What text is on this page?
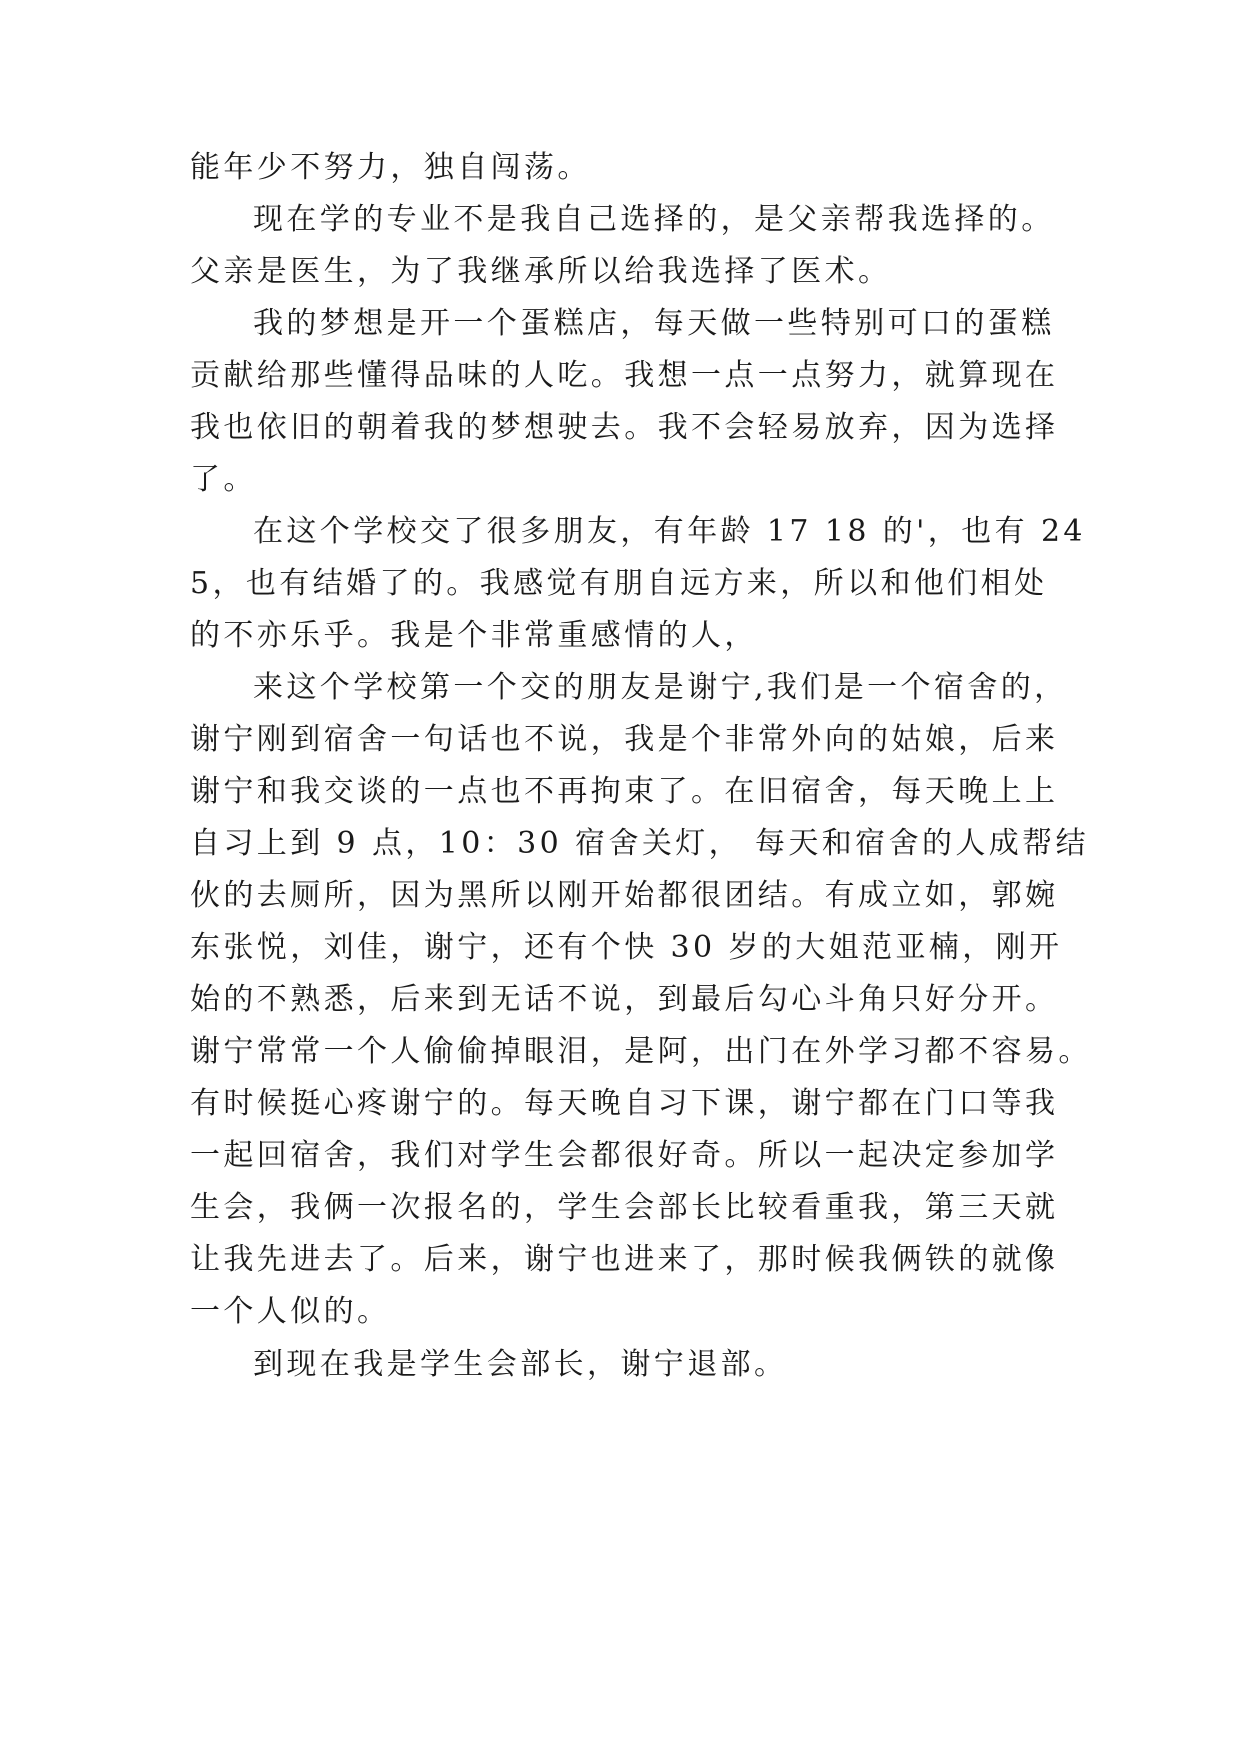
能年少不努力，独自闯荡。
现在学的专业不是我自己选择的，是父亲帮我选择的。
父亲是医生，为了我继承所以给我选择了医术。
我的梦想是开一个蛋糕店，每天做一些特别可口的蛋糕
贡献给那些懂得品味的人吃。我想一点一点努力，就算现在
我也依旧的朝着我的梦想驶去。我不会轻易放弃，因为选择
了。
在这个学校交了很多朋友，有年龄 17 18 的'，也有 24
5，也有结婚了的。我感觉有朋自远方来，所以和他们相处
的不亦乐乎。我是个非常重感情的人，
来这个学校第一个交的朋友是谢宁,我们是一个宿舍的，
谢宁刚到宿舍一句话也不说，我是个非常外向的姑娘，后来
谢宁和我交谈的一点也不再拘束了。在旧宿舍，每天晚上上
自习上到 9 点，10：30 宿舍关灯， 每天和宿舍的人成帮结
伙的去厕所，因为黑所以刚开始都很团结。有成立如，郭婉
东张悦，刘佳，谢宁，还有个快 30 岁的大姐范亚楠，刚开
始的不熟悉，后来到无话不说，到最后勾心斗角只好分开。
谢宁常常一个人偷偷掉眼泪，是阿，出门在外学习都不容易。
有时候挺心疼谢宁的。每天晚自习下课，谢宁都在门口等我
一起回宿舍，我们对学生会都很好奇。所以一起决定参加学
生会，我俩一次报名的，学生会部长比较看重我，第三天就
让我先进去了。后来，谢宁也进来了，那时候我俩铁的就像
一个人似的。
到现在我是学生会部长，谢宁退部。
